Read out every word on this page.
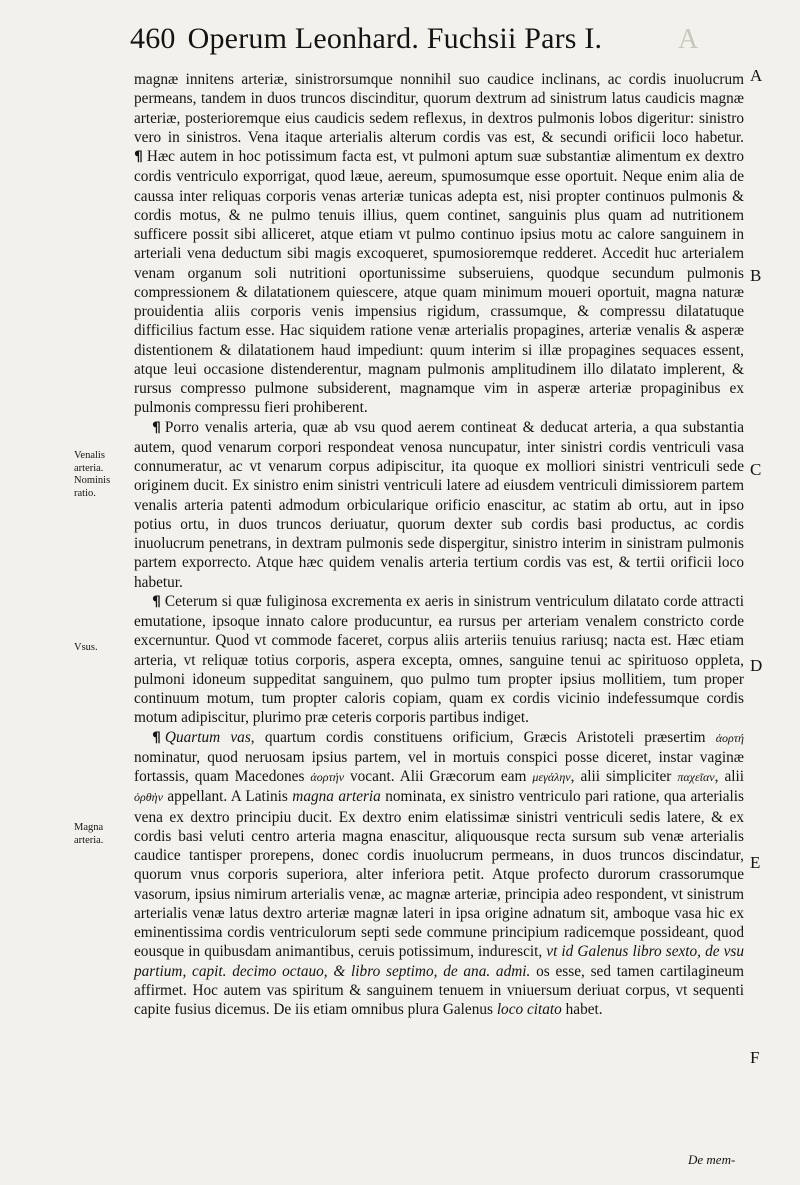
460 Operum Leonhard. Fuchsii Pars I.	A
A
B
C
D
E
F
Venalis arteria.
Nominis ratio.
Vsus.
Magna arteria.

magnæ innitens arteriæ, sinistrorsumque nonnihil suo caudice inclinans, ac cordis inuolucrum permeans, tandem in duos truncos discinditur, quorum dextrum ad sinistrum latus caudicis magnæ arteriæ, posterioremque eius caudicis sedem reflexus, in dextros pulmonis lobos digeritur: sinistro vero in sinistros. Vena itaque arterialis alterum cordis vas est, & secundi orificii loco habetur. ¶ Hæc autem in hoc potissimum facta est, vt pulmoni aptum suæ substantiæ alimentum ex dextro cordis ventriculo exporrigat, quod læue, aereum, spumosumque esse oportuit. Neque enim alia de caussa inter reliquas corporis venas arteriæ tunicas adepta est, nisi propter continuos pulmonis & cordis motus, & ne pulmo tenuis illius, quem continet, sanguinis plus quam ad nutritionem sufficere possit sibi alliceret, atque etiam vt pulmo continuo ipsius motu ac calore sanguinem in arteriali vena deductum sibi magis excoqueret, spumosioremque redderet. Accedit huc arterialem venam organum soli nutritioni oportunissime subseruiens, quodque secundum pulmonis compressionem & dilatationem quiescere, atque quam minimum moueri oportuit, magna naturæ prouidentia aliis corporis venis impensius rigidum, crassumque, & compressu dilatatuque difficilius factum esse. Hac siquidem ratione venæ arterialis propagines, arteriæ venalis & asperæ distentionem & dilatationem haud impediunt: quum interim si illæ propagines sequaces essent, atque leui occasione distenderentur, magnam pulmonis amplitudinem illo dilatato implerent, & rursus compresso pulmone subsiderent, magnamque vim in asperæ arteriæ propaginibus ex pulmonis compressu fieri prohiberent.

¶ Porro venalis arteria, quæ ab vsu quod aerem contineat & deducat arteria, a qua substantia autem, quod venarum corpori respondeat venosa nuncupatur, inter sinistri cordis ventriculi vasa connumeratur, ac vt venarum corpus adipiscitur, ita quoque ex molliori sinistri ventriculi sede originem ducit. Ex sinistro enim sinistri ventriculi latere ad eiusdem ventriculi dimissiorem partem venalis arteria patenti admodum orbicularique orificio enascitur, ac statim ab ortu, aut in ipso potius ortu, in duos truncos deriuatur, quorum dexter sub cordis basi productus, ac cordis inuolucrum penetrans, in dextram pulmonis sede dispergitur, sinistro interim in sinistram pulmonis partem exporrecto. Atque hæc quidem venalis arteria tertium cordis vas est, & tertii orificii loco habetur.

¶ Ceterum si quæ fuliginosa excrementa ex aeris in sinistrum ventriculum dilatato corde attracti emutatione, ipsoque innato calore producuntur, ea rursus per arteriam venalem constricto corde excernuntur. Quod vt commode faceret, corpus aliis arteriis tenuius rariusq; nacta est. Hæc etiam arteria, vt reliquæ totius corporis, aspera excepta, omnes, sanguine tenui ac spirituoso oppleta, pulmoni idoneum suppeditat sanguinem, quo pulmo tum propter ipsius mollitiem, tum proper continuum motum, tum propter caloris copiam, quam ex cordis vicinio indefessumque cordis motum adipiscitur, plurimo præ ceteris corporis partibus indiget.

¶ Quartum vas, quartum cordis constituens orificium, Græcis Aristoteli præsertim ἀορτή nominatur, quod neruosam ipsius partem, vel in mortuis conspici posse diceret, instar vaginæ fortassis, quam Macedones ἀορτήν vocant. Alii Græcorum eam μεγάλην, alii simpliciter παχεῖαν, alii ὀρθὴν appellant. A Latinis magna arteria nominata, ex sinistro ventriculo pari ratione, qua arterialis vena ex dextro principiu ducit. Ex dextro enim elatissimæ sinistri ventriculi sedis latere, & ex cordis basi veluti centro arteria magna enascitur, aliquousque recta sursum sub venæ arterialis caudice tantisper prorepens, donec cordis inuolucrum permeans, in duos truncos discindatur, quorum vnus corporis superiora, alter inferiora petit. Atque profecto durorum crassorumque vasorum, ipsius nimirum arterialis venæ, ac magnæ arteriæ, principia adeo respondent, vt sinistrum arterialis venæ latus dextro arteriæ magnæ lateri in ipsa origine adnatum sit, amboque vasa hic ex eminentissima cordis ventriculorum septi sede commune principium radicemque possideant, quod eousque in quibusdam animantibus, ceruis potissimum, indurescit, vt id Galenus libro sexto, de vsu partium, capit. decimo octauo, & libro septimo, de ana. admi. os esse, sed tamen cartilagineum affirmet. Hoc autem vas spiritum & sanguinem tenuem in vniuersum deriuat corpus, vt sequenti capite fusius dicemus. De iis etiam omnibus plura Galenus loco citato habet.

De mem-
